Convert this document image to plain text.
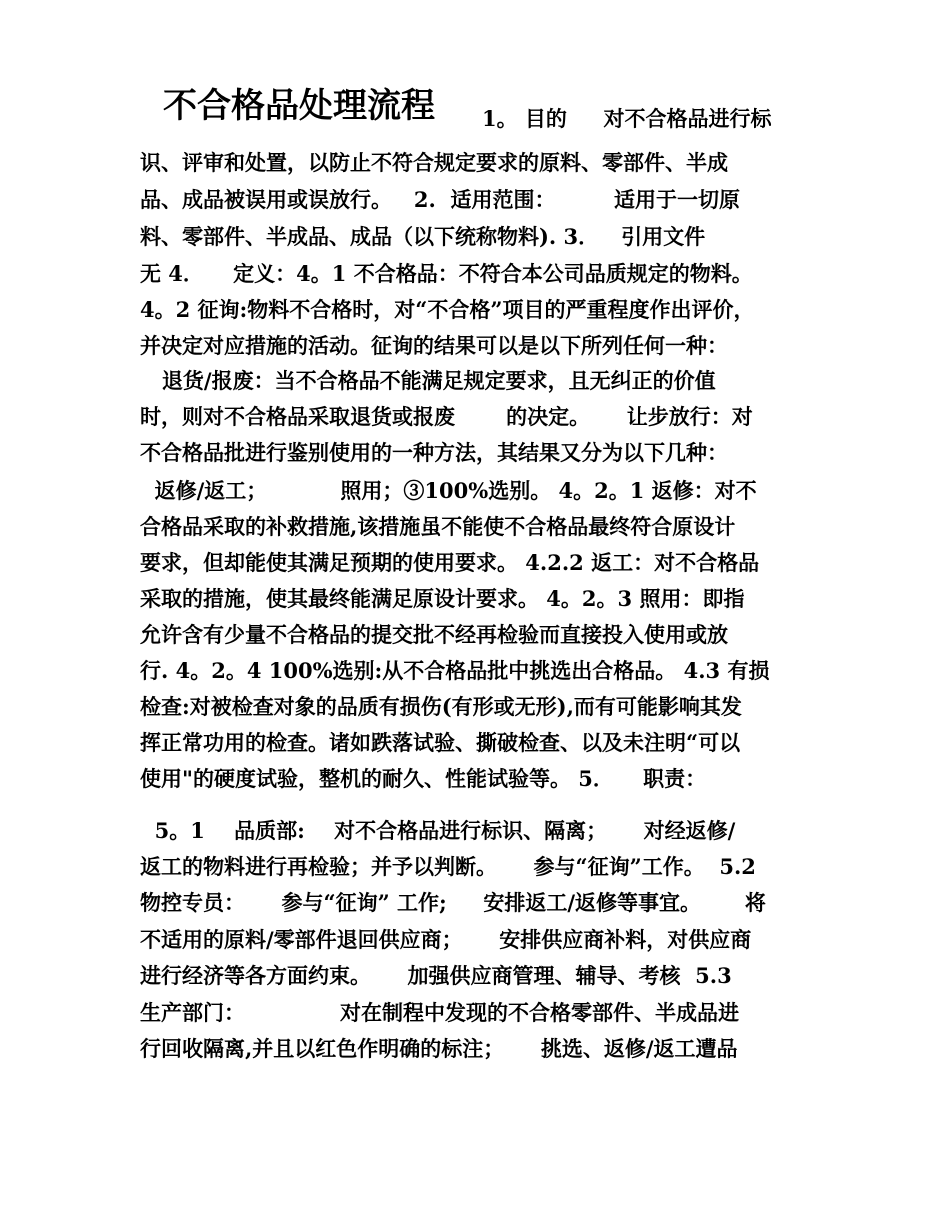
不合格品处理流程 1。 目的     对不合格品进行标
识、评审和处置，以防止不符合规定要求的原料、零部件、半成
品、成品被误用或误放行。   2.  适用范围：        适用于一切原
料、零部件、半成品、成品（以下统称物料). 3．   引用文件
无 4．    定义：4。1 不合格品：不符合本公司品质规定的物料。
4。2 征询:物料不合格时，对“不合格”项目的严重程度作出评价，
并决定对应措施的活动。征询的结果可以是以下所列任何一种：
退货/报废：当不合格品不能满足规定要求，且无纠正的价值
时，则对不合格品采取退货或报废       的决定。     让步放行：对
不合格品批进行鉴别使用的一种方法，其结果又分为以下几种：
返修/返工；          照用；③100%选别。 4。2。1 返修：对不
合格品采取的补救措施,该措施虽不能使不合格品最终符合原设计
要求，但却能使其满足预期的使用要求。 4.2.2 返工：对不合格品
采取的措施，使其最终能满足原设计要求。 4。2。3 照用：即指
允许含有少量不合格品的提交批不经再检验而直接投入使用或放
行. 4。2。4 100%选别:从不合格品批中挑选出合格品。 4.3 有损
检查:对被检查对象的品质有损伤(有形或无形),而有可能影响其发
挥正常功用的检查。诸如跌落试验、撕破检查、以及未注明“可以
使用"的硬度试验，整机的耐久、性能试验等。 5．    职责：
5。1    品质部:    对不合格品进行标识、隔离；     对经返修/
返工的物料进行再检验；并予以判断。     参与“征询”工作。  5.2
物控专员：     参与“征询” 工作;     安排返工/返修等事宜。      将
不适用的原料/零部件退回供应商；     安排供应商补料，对供应商
进行经济等各方面约束。     加强供应商管理、辅导、考核  5.3
生产部门：             对在制程中发现的不合格零部件、半成品进
行回收隔离,并且以红色作明确的标注；     挑选、返修/返工遭品
